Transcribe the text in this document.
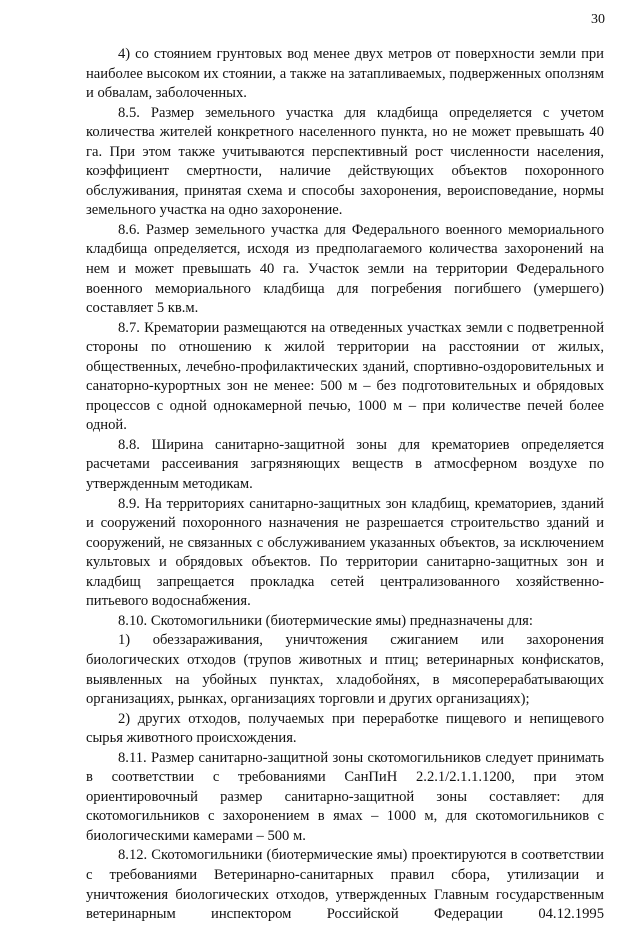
30

4) со стоянием грунтовых вод менее двух метров от поверхности земли при наиболее высоком их стоянии, а также на затапливаемых, подверженных оползням и обвалам, заболоченных.

8.5. Размер земельного участка для кладбища определяется с учетом количества жителей конкретного населенного пункта, но не может превышать 40 га. При этом также учитываются перспективный рост численности населения, коэффициент смертности, наличие действующих объектов похоронного обслуживания, принятая схема и способы захоронения, вероисповедание, нормы земельного участка на одно захоронение.

8.6. Размер земельного участка для Федерального военного мемориального кладбища определяется, исходя из предполагаемого количества захоронений на нем и может превышать 40 га. Участок земли на территории Федерального военного мемориального кладбища для погребения погибшего (умершего) составляет 5 кв.м.

8.7. Крематории размещаются на отведенных участках земли с подветренной стороны по отношению к жилой территории на расстоянии от жилых, общественных, лечебно-профилактических зданий, спортивно-оздоровительных и санаторно-курортных зон не менее: 500 м – без подготовительных и обрядовых процессов с одной однокамерной печью, 1000 м – при количестве печей более одной.

8.8. Ширина санитарно-защитной зоны для крематориев определяется расчетами рассеивания загрязняющих веществ в атмосферном воздухе по утвержденным методикам.

8.9. На территориях санитарно-защитных зон кладбищ, крематориев, зданий и сооружений похоронного назначения не разрешается строительство зданий и сооружений, не связанных с обслуживанием указанных объектов, за исключением культовых и обрядовых объектов. По территории санитарно-защитных зон и кладбищ запрещается прокладка сетей централизованного хозяйственно-питьевого водоснабжения.

8.10. Скотомогильники (биотермические ямы) предназначены для:

1) обеззараживания, уничтожения сжиганием или захоронения биологических отходов (трупов животных и птиц; ветеринарных конфискатов, выявленных на убойных пунктах, хладобойнях, в мясоперерабатывающих организациях, рынках, организациях торговли и других организациях);

2) других отходов, получаемых при переработке пищевого и непищевого сырья животного происхождения.

8.11. Размер санитарно-защитной зоны скотомогильников следует принимать в соответствии с требованиями СанПиН 2.2.1/2.1.1.1200, при этом ориентировочный размер санитарно-защитной зоны составляет: для скотомогильников с захоронением в ямах – 1000 м, для скотомогильников с биологическими камерами – 500 м.

8.12. Скотомогильники (биотермические ямы) проектируются в соответствии с требованиями Ветеринарно-санитарных правил сбора, утилизации и уничтожения биологических отходов, утвержденных Главным государственным ветеринарным инспектором Российской Федерации 04.12.1995
